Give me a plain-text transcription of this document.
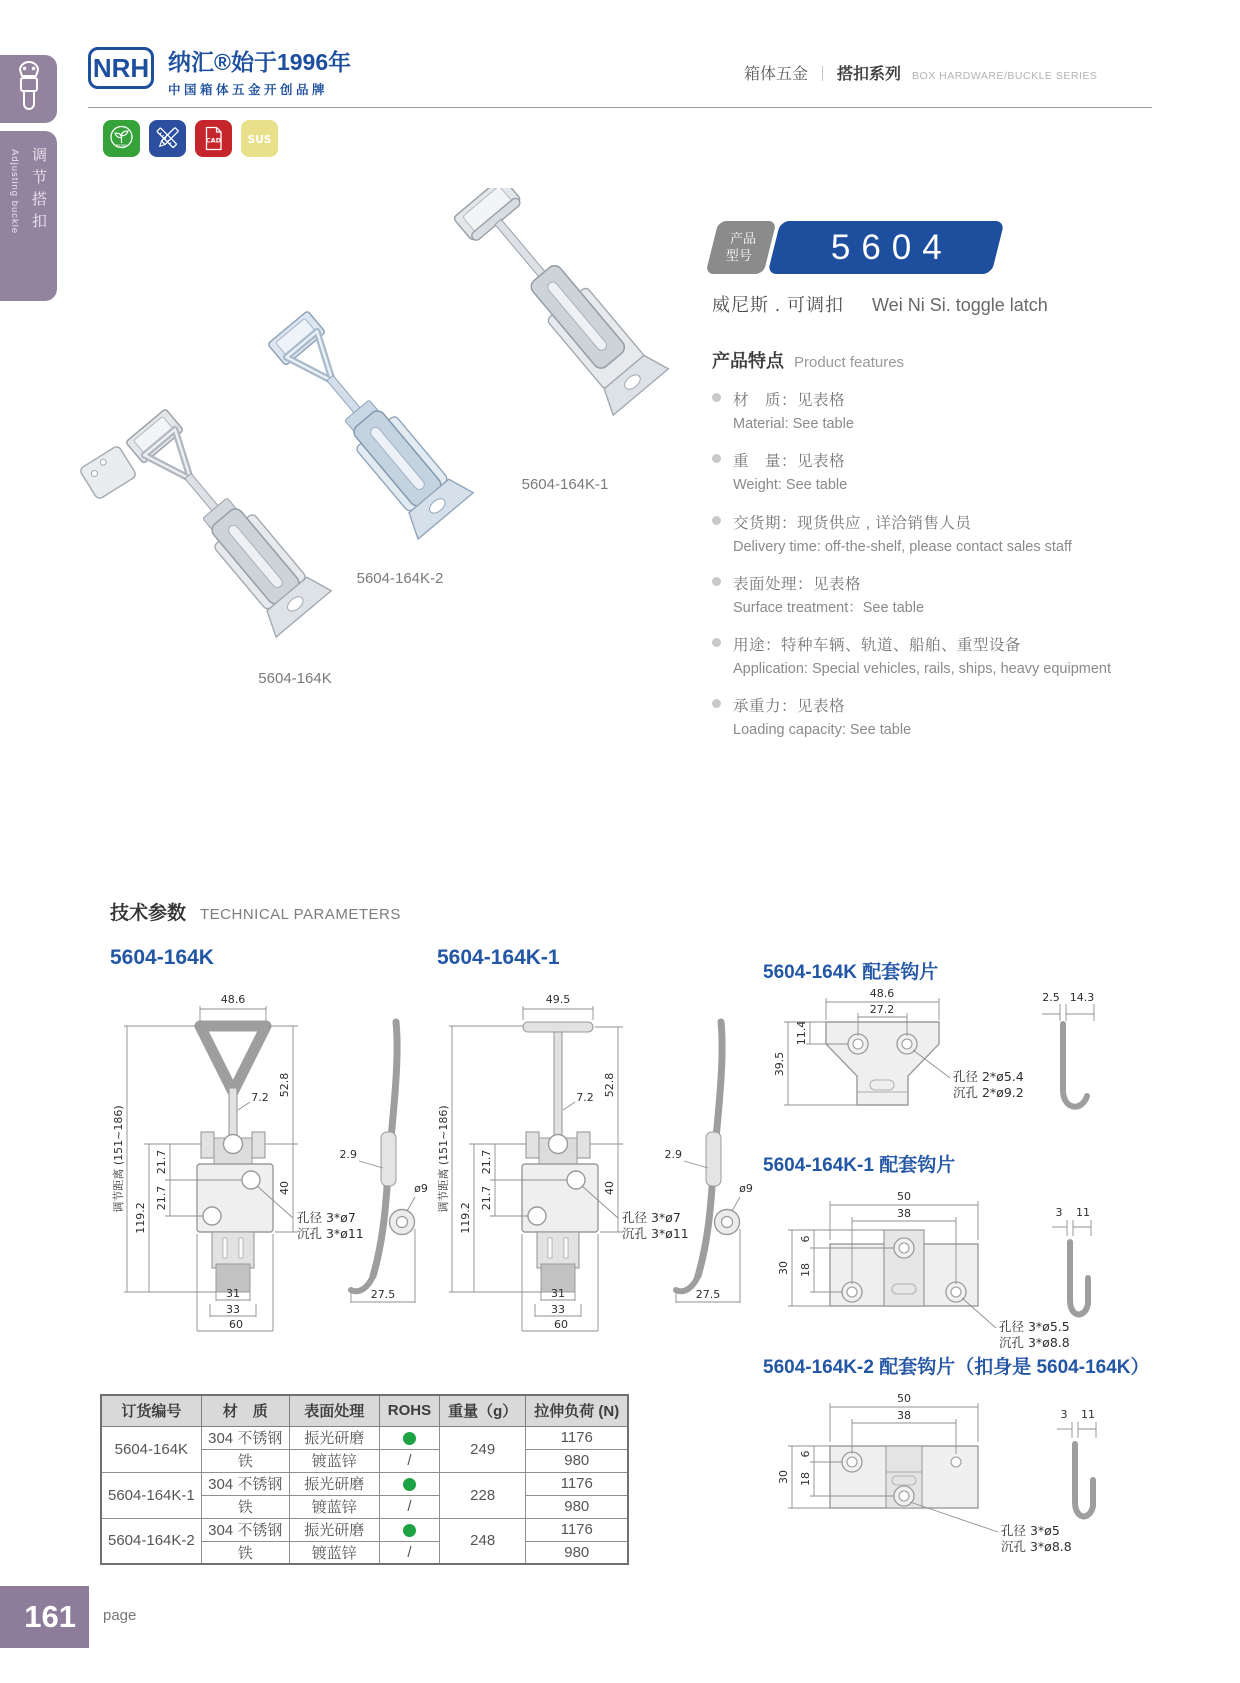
调节搭扣
Adjusting buckle
NRH 纳汇®始于1996年
中国箱体五金开创品牌
箱体五金 ｜ 搭扣系列 BOX HARDWARE/BUCKLE SERIES
ROHS
CAD	SUS
5604-164K-1
5604-164K-2
5604-164K
产品
型号	5604
威尼斯 . 可调扣 Wei Ni Si. toggle latch
产品特点 Product features
材　质：见表格
Material: See table
重　量：见表格
Weight: See table
交货期：现货供应 , 详洽销售人员
Delivery time: off-the-shelf, please contact sales staff
表面处理：见表格
Surface treatment：See table
用途：特种车辆、轨道、船舶、重型设备
Application: Special vehicles, rails, ships, heavy equipment
承重力：见表格
Loading capacity: See table
技术参数 TECHNICAL PARAMETERS
5604-164K
48.6
7.2
52.8
40
调节距离 (151~186)
119.2
21.7
21.7
孔径 3*ø7
沉孔 3*ø11
31
33
60
2.9
ø9
27.5
5604-164K-1
49.5
7.2
52.8
40
调节距离 (151~186)
119.2
21.7
21.7
孔径 3*ø7
沉孔 3*ø11
31
33
60
2.9
ø9
27.5
5604-164K 配套钩片
48.6
27.2
11.4
39.5
孔径 2*ø5.4
沉孔 2*ø9.2
2.5 14.3
5604-164K-1 配套钩片
50
38
6
18
30
孔径 3*ø5.5
沉孔 3*ø8.8
3 11
5604-164K-2 配套钩片（扣身是 5604-164K）
50
38
6
18
30
孔径 3*ø5
沉孔 3*ø8.8
3 11
订货编号	材　质	表面处理	ROHS	重量（g）	拉伸负荷 (N)
5604-164K	304 不锈钢	振光研磨		249	1176
	铁	镀蓝锌	/		980
5604-164K-1	304 不锈钢	振光研磨		228	1176
	铁	镀蓝锌	/		980
5604-164K-2	304 不锈钢	振光研磨		248	1176
	铁	镀蓝锌	/		980
161 page
